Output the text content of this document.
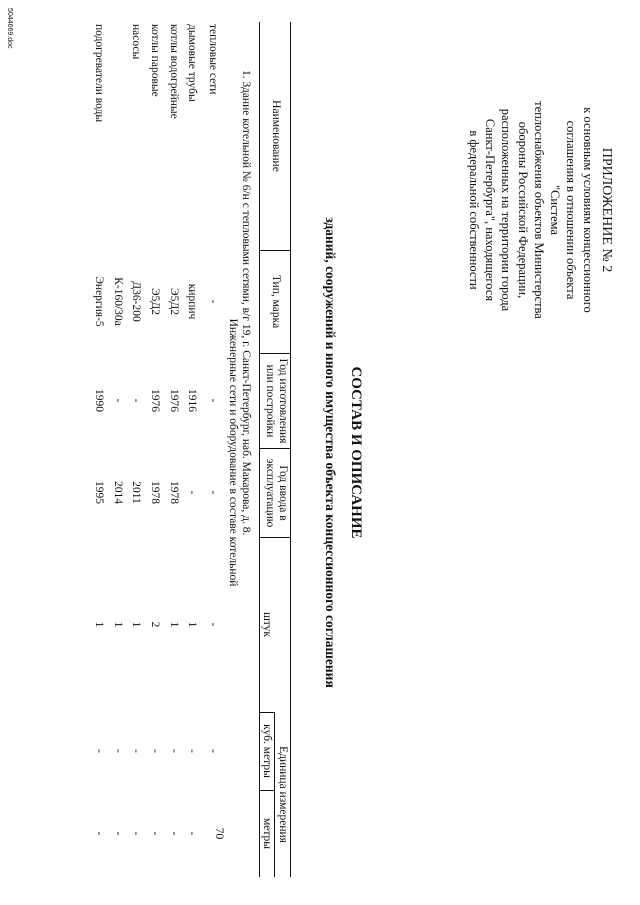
ПРИЛОЖЕНИЕ № 2
к основным условиям концессионного
соглашения в отношении объекта "Система
теплоснабжения объектов Министерства
обороны Российской Федерации,
расположенных на территории города
Санкт-Петербурга", находящегося
в федеральной собственности
СОСТАВ И ОПИСАНИЕ
зданий, сооружений и иного имущества объекта концессионного соглашения
Наименование
Тип, марка
Год изготовления или постройки
Год ввода в эксплуатацию
Единица измерения
штук
куб. метры
метры
1. Здание котельной № 6/н с тепловыми сетями, в/г 19, г. Санкт-Петербург, наб. Макарова, д. 8.
Инженерные сети и оборудование в составе котельной
тепловые сети
-
-
-
-
-
70
дымовые трубы
кирпич
1916
-
1
-
-
котлы водогрейные
Э5Д2
1976
1978
1
-
-
котлы паровые
Э5Д2
1976
1978
2
-
-
насосы
Д36-200
-
2011
1
-
-
К-160/30а
-
2014
1
-
-
подогреватели воды
Энергия-5
1990
1995
1
-
-
5044669.doc
